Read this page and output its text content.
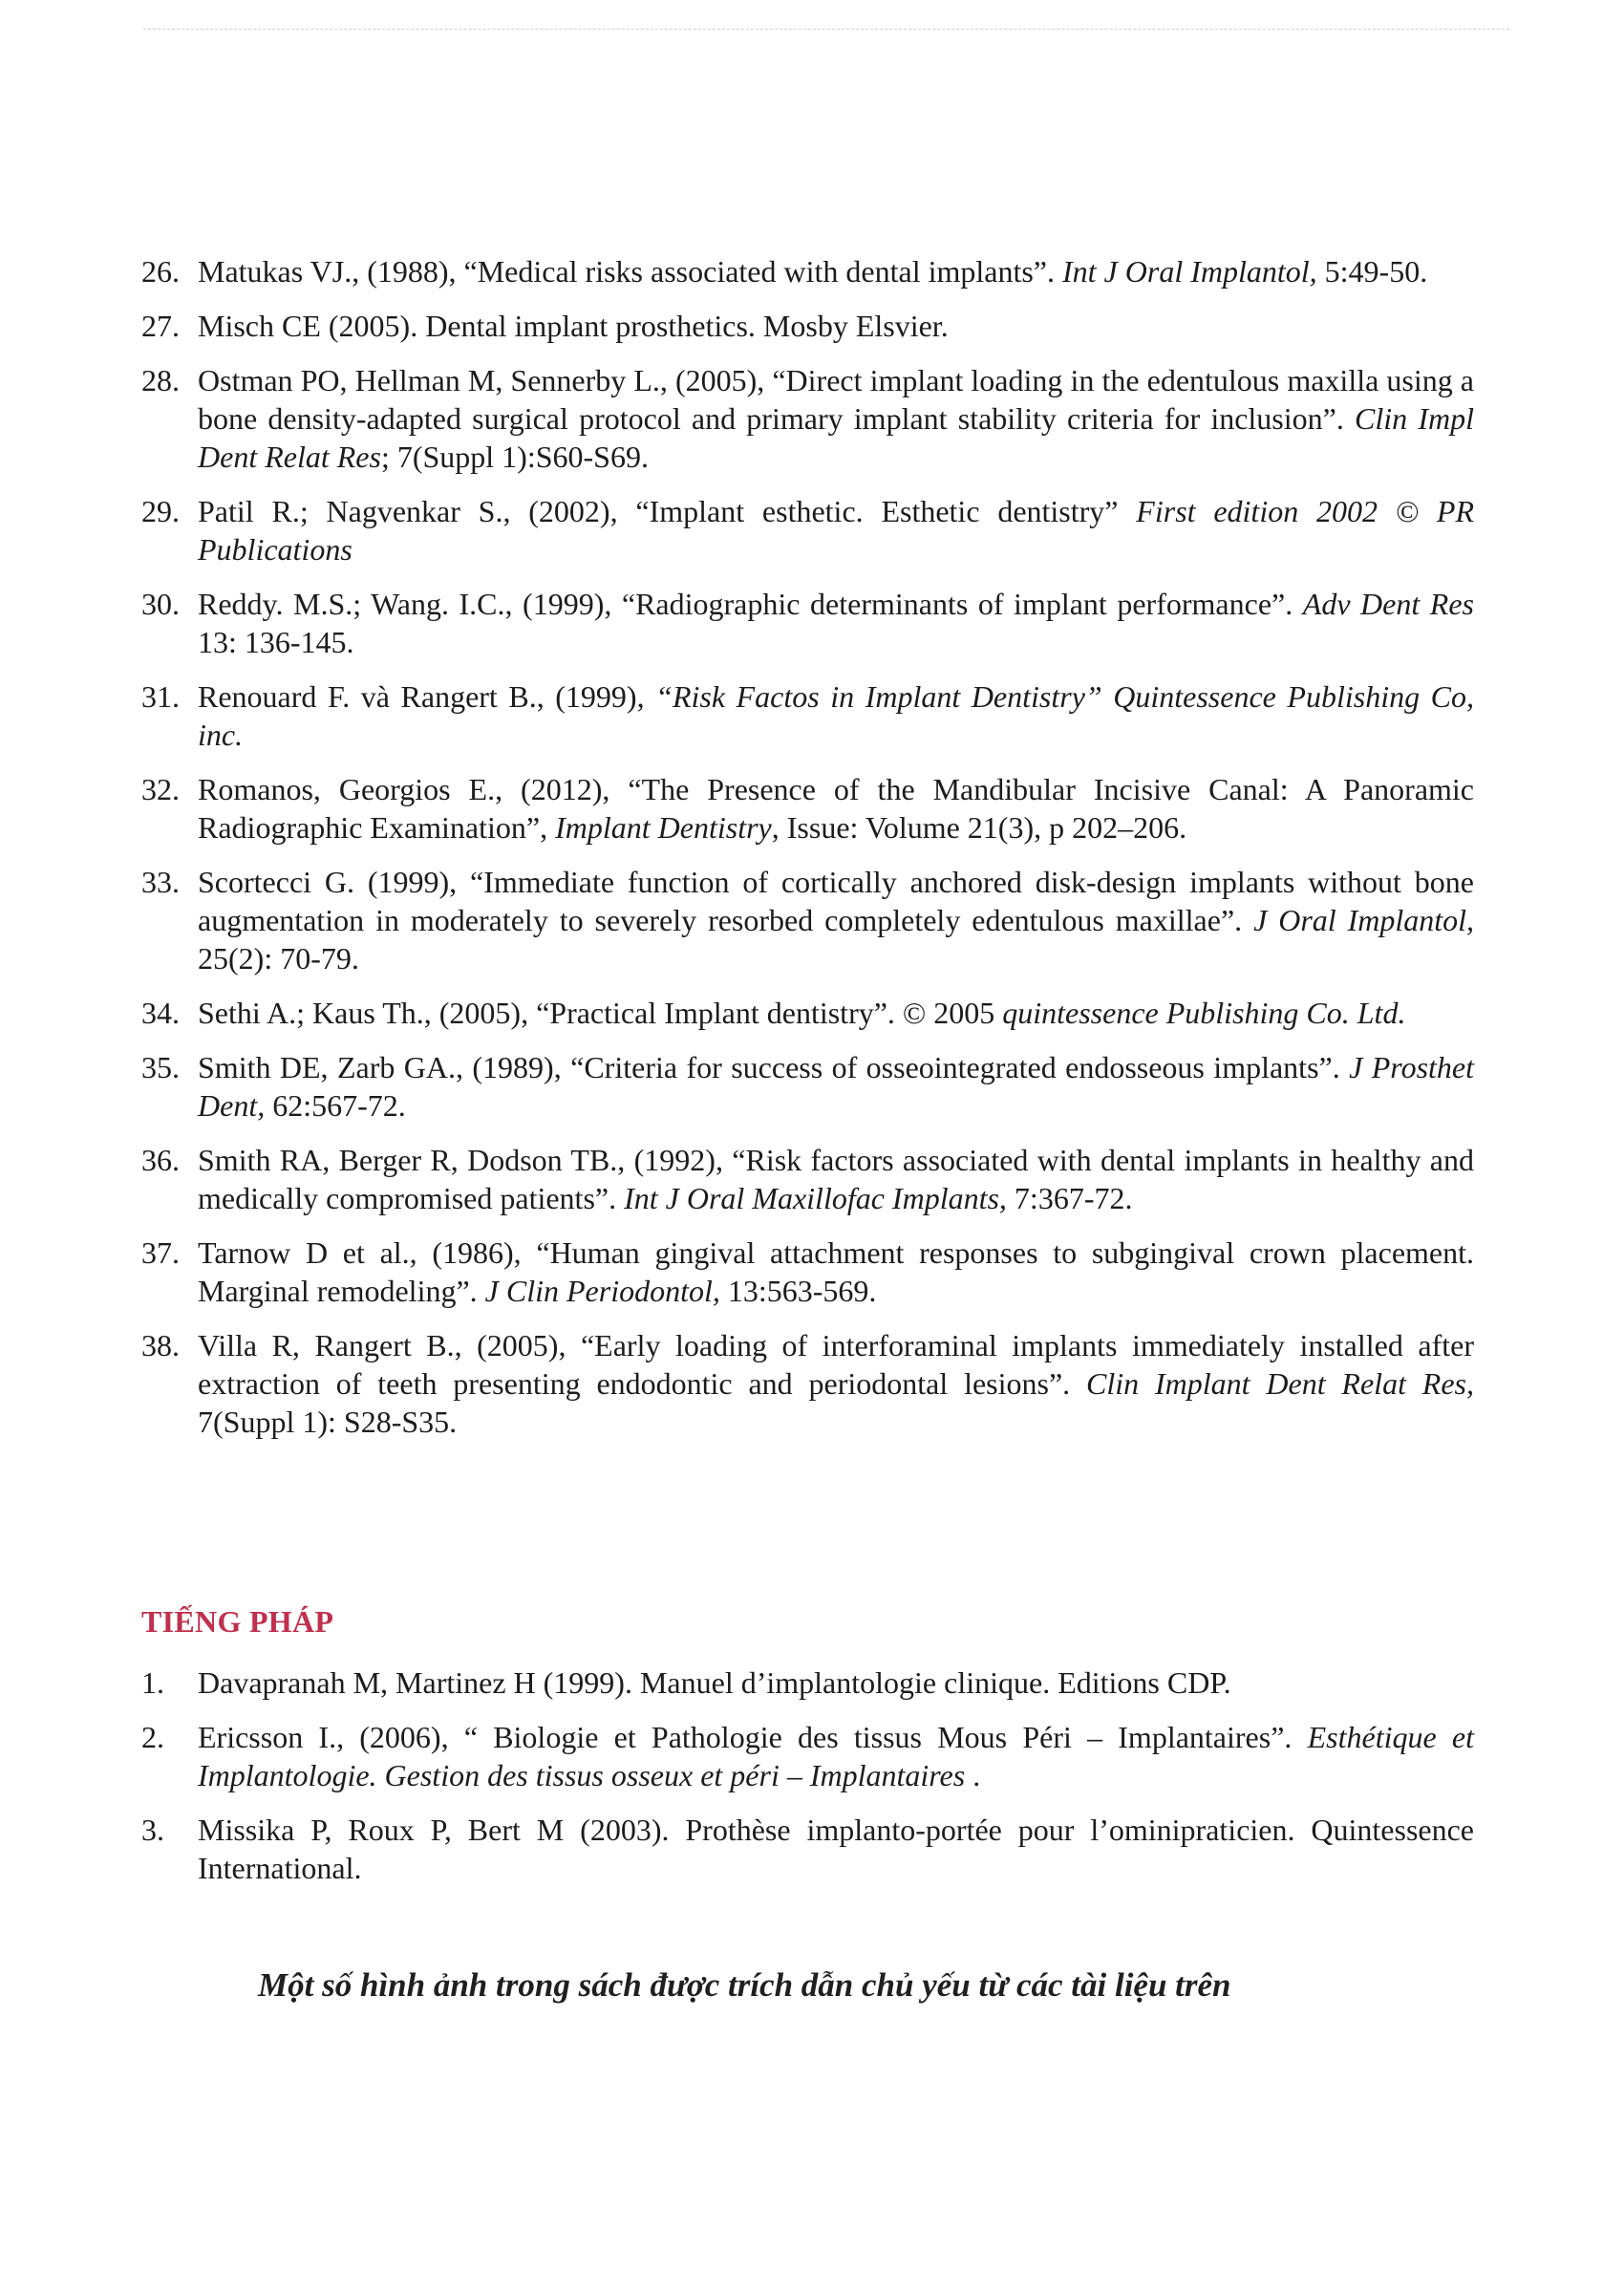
26. Matukas VJ., (1988), “Medical risks associated with dental implants”. Int J Oral Implantol, 5:49-50.
27. Misch CE (2005). Dental implant prosthetics. Mosby Elsvier.
28. Ostman PO, Hellman M, Sennerby L., (2005), “Direct implant loading in the edentulous maxilla using a bone density-adapted surgical protocol and primary implant stability criteria for inclusion”. Clin Impl Dent Relat Res; 7(Suppl 1):S60-S69.
29. Patil R.; Nagvenkar S., (2002), “Implant esthetic. Esthetic dentistry” First edition 2002 © PR Publications
30. Reddy. M.S.; Wang. I.C., (1999), “Radiographic determinants of implant performance”. Adv Dent Res 13: 136-145.
31. Renouard F. và Rangert B., (1999), “Risk Factos in Implant Dentistry” Quintessence Publishing Co, inc.
32. Romanos, Georgios E., (2012), “The Presence of the Mandibular Incisive Canal: A Panoramic Radiographic Examination”, Implant Dentistry, Issue: Volume 21(3), p 202–206.
33. Scortecci G. (1999), “Immediate function of cortically anchored disk-design implants without bone augmentation in moderately to severely resorbed completely edentulous maxillae”. J Oral Implantol, 25(2): 70-79.
34. Sethi A.; Kaus Th., (2005), “Practical Implant dentistry”. © 2005 quintessence Publishing Co. Ltd.
35. Smith DE, Zarb GA., (1989), “Criteria for success of osseointegrated endosseous implants”. J Prosthet Dent, 62:567-72.
36. Smith RA, Berger R, Dodson TB., (1992), “Risk factors associated with dental implants in healthy and medically compromised patients”. Int J Oral Maxillofac Implants, 7:367-72.
37. Tarnow D et al., (1986), “Human gingival attachment responses to subgingival crown placement. Marginal remodeling”. J Clin Periodontol, 13:563-569.
38. Villa R, Rangert B., (2005), “Early loading of interforaminal implants immediately installed after extraction of teeth presenting endodontic and periodontal lesions”. Clin Implant Dent Relat Res, 7(Suppl 1): S28-S35.
TIẾNG PHÁP
1. Davapranah M, Martinez H (1999). Manuel d’implantologie clinique. Editions CDP.
2. Ericsson I., (2006), “ Biologie et Pathologie des tissus Mous Péri – Implantaires”. Esthétique et Implantologie. Gestion des tissus osseux et péri – Implantaires .
3. Missika P, Roux P, Bert M (2003). Prothèse implanto-portée pour l’ominipraticien. Quintessence International.
Một số hình ảnh trong sách được trích dẫn chủ yếu từ các tài liệu trên
